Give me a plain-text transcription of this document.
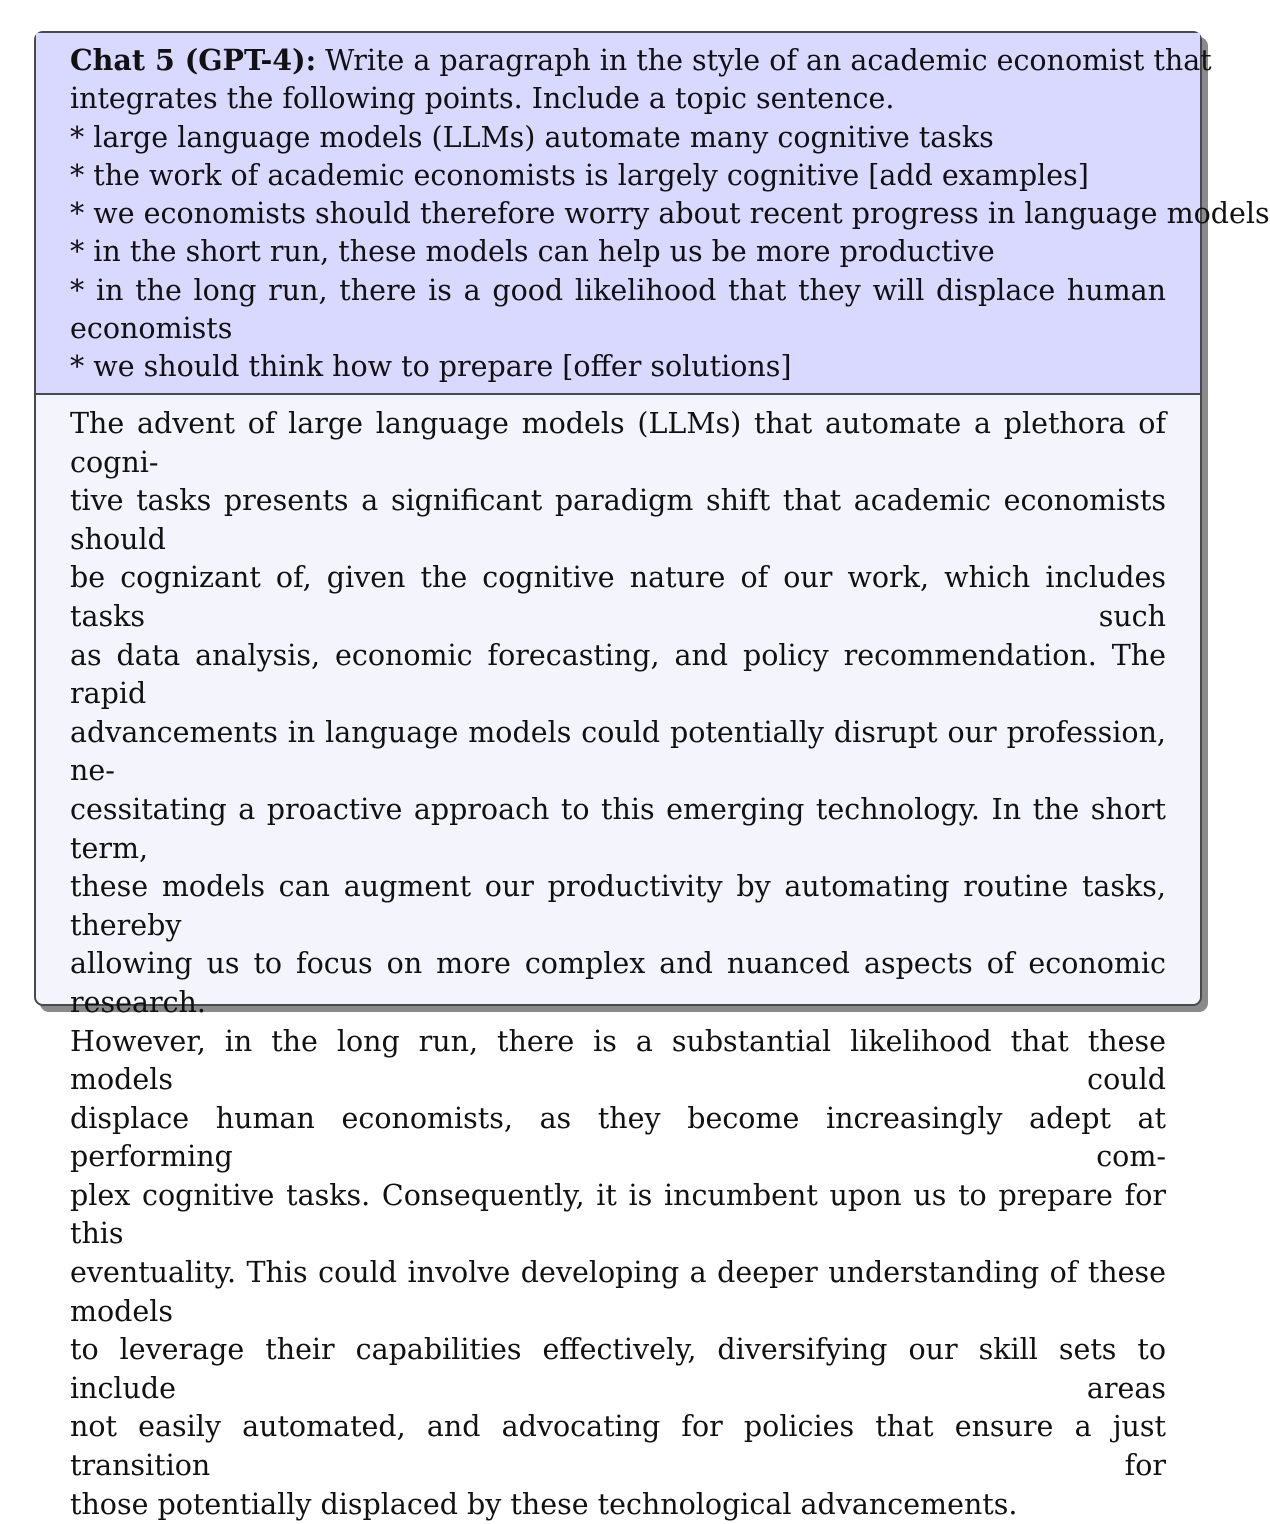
Chat 5 (GPT-4): Write a paragraph in the style of an academic economist that
integrates the following points. Include a topic sentence.
* large language models (LLMs) automate many cognitive tasks
* the work of academic economists is largely cognitive [add examples]
* we economists should therefore worry about recent progress in language models
* in the short run, these models can help us be more productive
* in the long run, there is a good likelihood that they will displace human
economists
* we should think how to prepare [offer solutions]
The advent of large language models (LLMs) that automate a plethora of cogni-
tive tasks presents a significant paradigm shift that academic economists should
be cognizant of, given the cognitive nature of our work, which includes tasks such
as data analysis, economic forecasting, and policy recommendation. The rapid
advancements in language models could potentially disrupt our profession, ne-
cessitating a proactive approach to this emerging technology. In the short term,
these models can augment our productivity by automating routine tasks, thereby
allowing us to focus on more complex and nuanced aspects of economic research.
However, in the long run, there is a substantial likelihood that these models could
displace human economists, as they become increasingly adept at performing com-
plex cognitive tasks. Consequently, it is incumbent upon us to prepare for this
eventuality. This could involve developing a deeper understanding of these models
to leverage their capabilities effectively, diversifying our skill sets to include areas
not easily automated, and advocating for policies that ensure a just transition for
those potentially displaced by these technological advancements.
